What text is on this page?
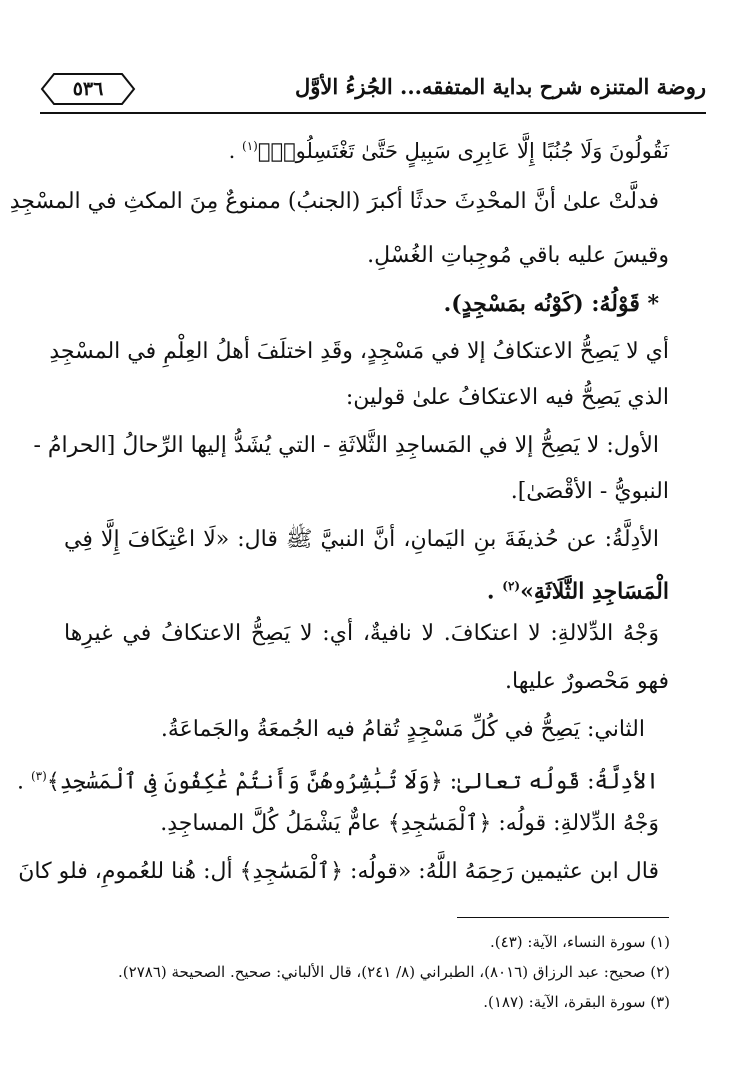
٥٣٦	روضة المتنزه شرح بداية المتفقه... الجُزءُ الأوَّل
نَقُولُونَ وَلَا جُنُبًا إِلَّا عَابِرِى سَبِيلٍ حَتَّىٰ تَغْتَسِلُوا۟﴾$^{(١)}$ .
فدلَّتْ علىٰ أنَّ المحْدِثَ حدثًا أكبرَ (الجنبُ) ممنوعٌ مِنَ المكثِ في المسْجِدِ
وقيسَ عليه باقي مُوجِباتِ الغُسْلِ.
* قَوْلُهُ: (كَوْنُه بمَسْجِدٍ).
أي لا يَصِحُّ الاعتكافُ إلا في مَسْجِدٍ، وقَدِ اختلَفَ أهلُ العِلْمِ في المسْجِدِ
الذي يَصِحُّ فيه الاعتكافُ علىٰ قولين:
الأول: لا يَصِحُّ إلا في المَساجِدِ الثَّلاثَةِ - التي يُشَدُّ إليها الرِّحالُ [الحرامُ -
النبويُّ - الأقْصَىٰ].
الأدِلَّةُ: عن حُذيفَةَ بنِ اليَمانِ، أنَّ النبيَّ ﷺ قال: «لَا اعْتِكَافَ إِلَّا فِي
الْمَسَاجِدِ الثَّلَاثَةِ»$^{(٢)}$ .
وَجْهُ الدِّلالةِ: لا اعتكافَ. لا نافيةٌ، أي: لا يَصِحُّ الاعتكافُ في غيرِها
فهو مَحْصورٌ عليها.
الثاني: يَصِحُّ في كُلِّ مَسْجِدٍ تُقامُ فيه الجُمعَةُ والجَماعَةُ.
الأدِلَّةُ: قَولُه تعالىٰ: ﴿وَلَا تُبَٰشِرُوهُنَّ وَأَنتُمْ عَٰكِفُونَ فِى ٱلْمَسَٰجِدِ﴾$^{(٣)}$ .
وَجْهُ الدِّلالةِ: قولُه: ﴿ٱلْمَسَٰجِدِ﴾ عامٌّ يَشْمَلُ كُلَّ المساجِدِ.
قال ابن عثيمين رَحِمَهُ اللَّهُ: «قولُه: ﴿ٱلْمَسَٰجِدِ﴾ أل: هُنا للعُمومِ، فلو كانَ
(١) سورة النساء، الآية: (٤٣).
(٢) صحيح: عبد الرزاق (٨٠١٦)، الطبراني (٨/ ٢٤١)، قال الألباني: صحيح. الصحيحة (٢٧٨٦).
(٣) سورة البقرة، الآية: (١٨٧).
